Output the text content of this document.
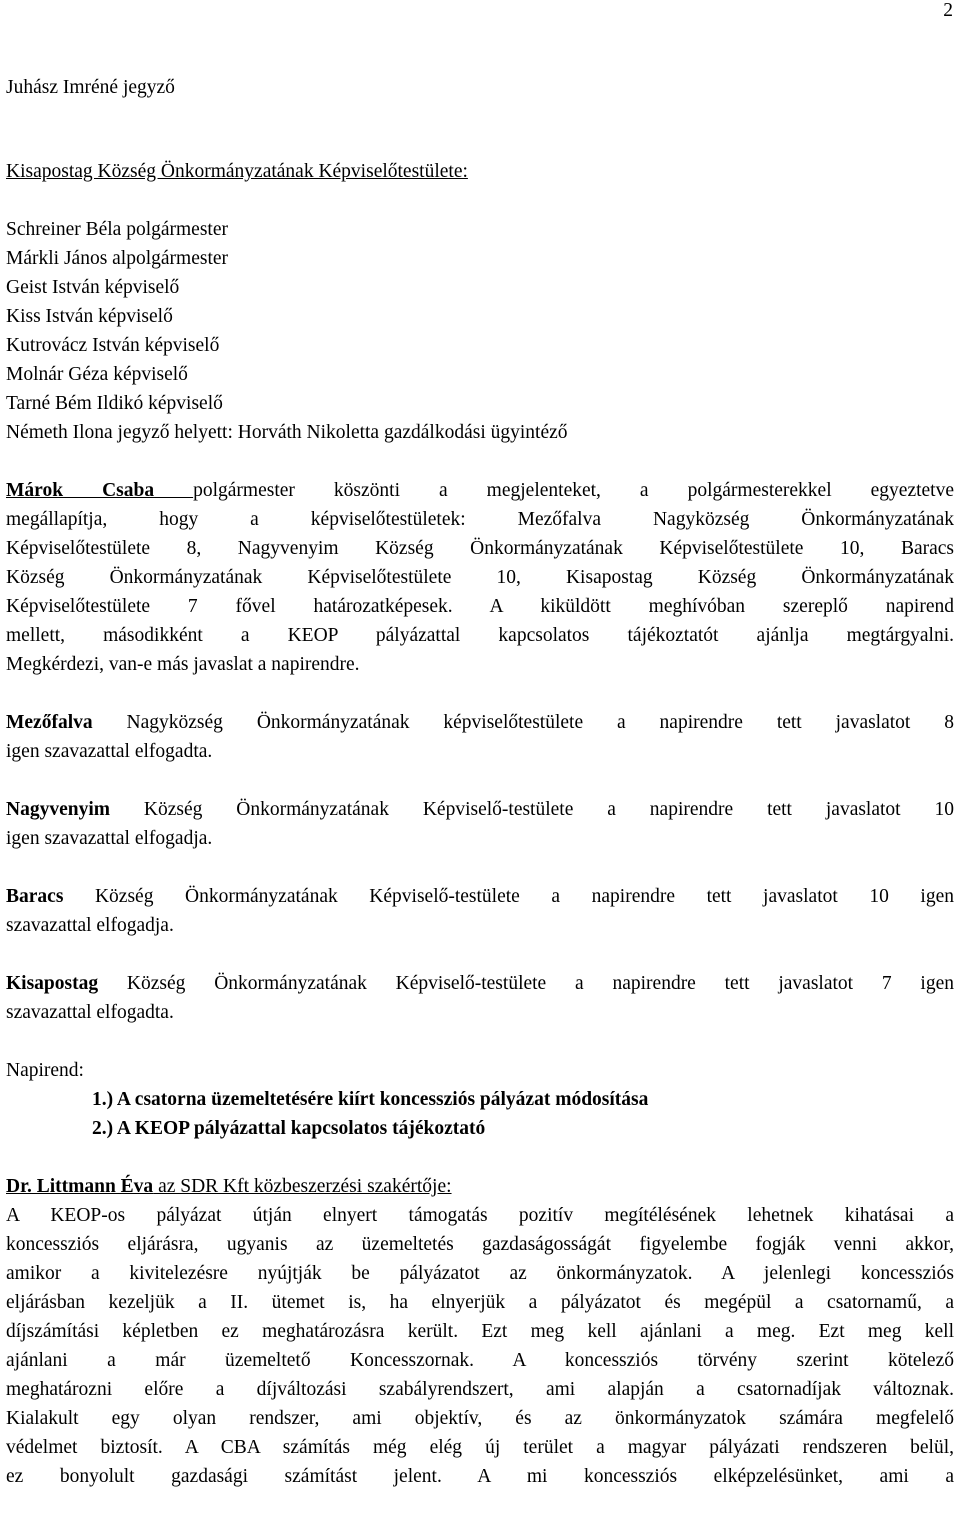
2

Juhász Imréné jegyző

Kisapostag Község Önkormányzatának Képviselőtestülete:

Schreiner Béla polgármester
Márkli János alpolgármester
Geist István képviselő
Kiss István képviselő
Kutrovácz István képviselő
Molnár Géza képviselő
Tarné Bém Ildikó képviselő
Németh Ilona jegyző helyett: Horváth Nikoletta gazdálkodási ügyintéző
Márok Csaba polgármester köszönti a megjelenteket, a polgármesterekkel egyeztetve
megállapítja, hogy a képviselőtestületek: Mezőfalva Nagyközség Önkormányzatának
Képviselőtestülete 8, Nagyvenyim Község Önkormányzatának Képviselőtestülete 10, Baracs
Község Önkormányzatának Képviselőtestülete 10, Kisapostag Község Önkormányzatának
Képviselőtestülete 7 fővel határozatképesek. A kiküldött meghívóban szereplő napirend
mellett, másodikként a KEOP pályázattal kapcsolatos tájékoztatót ajánlja megtárgyalni.
Megkérdezi, van-e más javaslat a napirendre.
Mezőfalva Nagyközség Önkormányzatának képviselőtestülete a napirendre tett javaslatot 8
igen szavazattal elfogadta.
Nagyvenyim Község Önkormányzatának Képviselő-testülete a napirendre tett javaslatot 10
igen szavazattal elfogadja.
Baracs Község Önkormányzatának Képviselő-testülete a napirendre tett javaslatot 10 igen
szavazattal elfogadja.
Kisapostag Község Önkormányzatának Képviselő-testülete a napirendre tett javaslatot 7 igen
szavazattal elfogadta.

Napirend:

1.) A csatorna üzemeltetésére kiírt koncessziós pályázat módosítása
2.) A KEOP pályázattal kapcsolatos tájékoztató
Dr. Littmann Éva az SDR Kft közbeszerzési szakértője:
A KEOP-os pályázat útján elnyert támogatás pozitív megítélésének lehetnek kihatásai a
koncessziós eljárásra, ugyanis az üzemeltetés gazdaságosságát figyelembe fogják venni akkor,
amikor a kivitelezésre nyújtják be pályázatot az önkormányzatok. A jelenlegi koncessziós
eljárásban kezeljük a II. ütemet is, ha elnyerjük a pályázatot és megépül a csatornamű, a
díjszámítási képletben ez meghatározásra került. Ezt meg kell ajánlani a meg. Ezt meg kell
ajánlani a már üzemeltető Koncesszornak. A koncessziós törvény szerint kötelező
meghatározni előre a díjváltozási szabályrendszert, ami alapján a csatornadíjak változnak.
Kialakult egy olyan rendszer, ami objektív, és az önkormányzatok számára megfelelő
védelmet biztosít. A CBA számítás még elég új terület a magyar pályázati rendszeren belül,
ez bonyolult gazdasági számítást jelent. A mi koncessziós elképzelésünket, ami a
